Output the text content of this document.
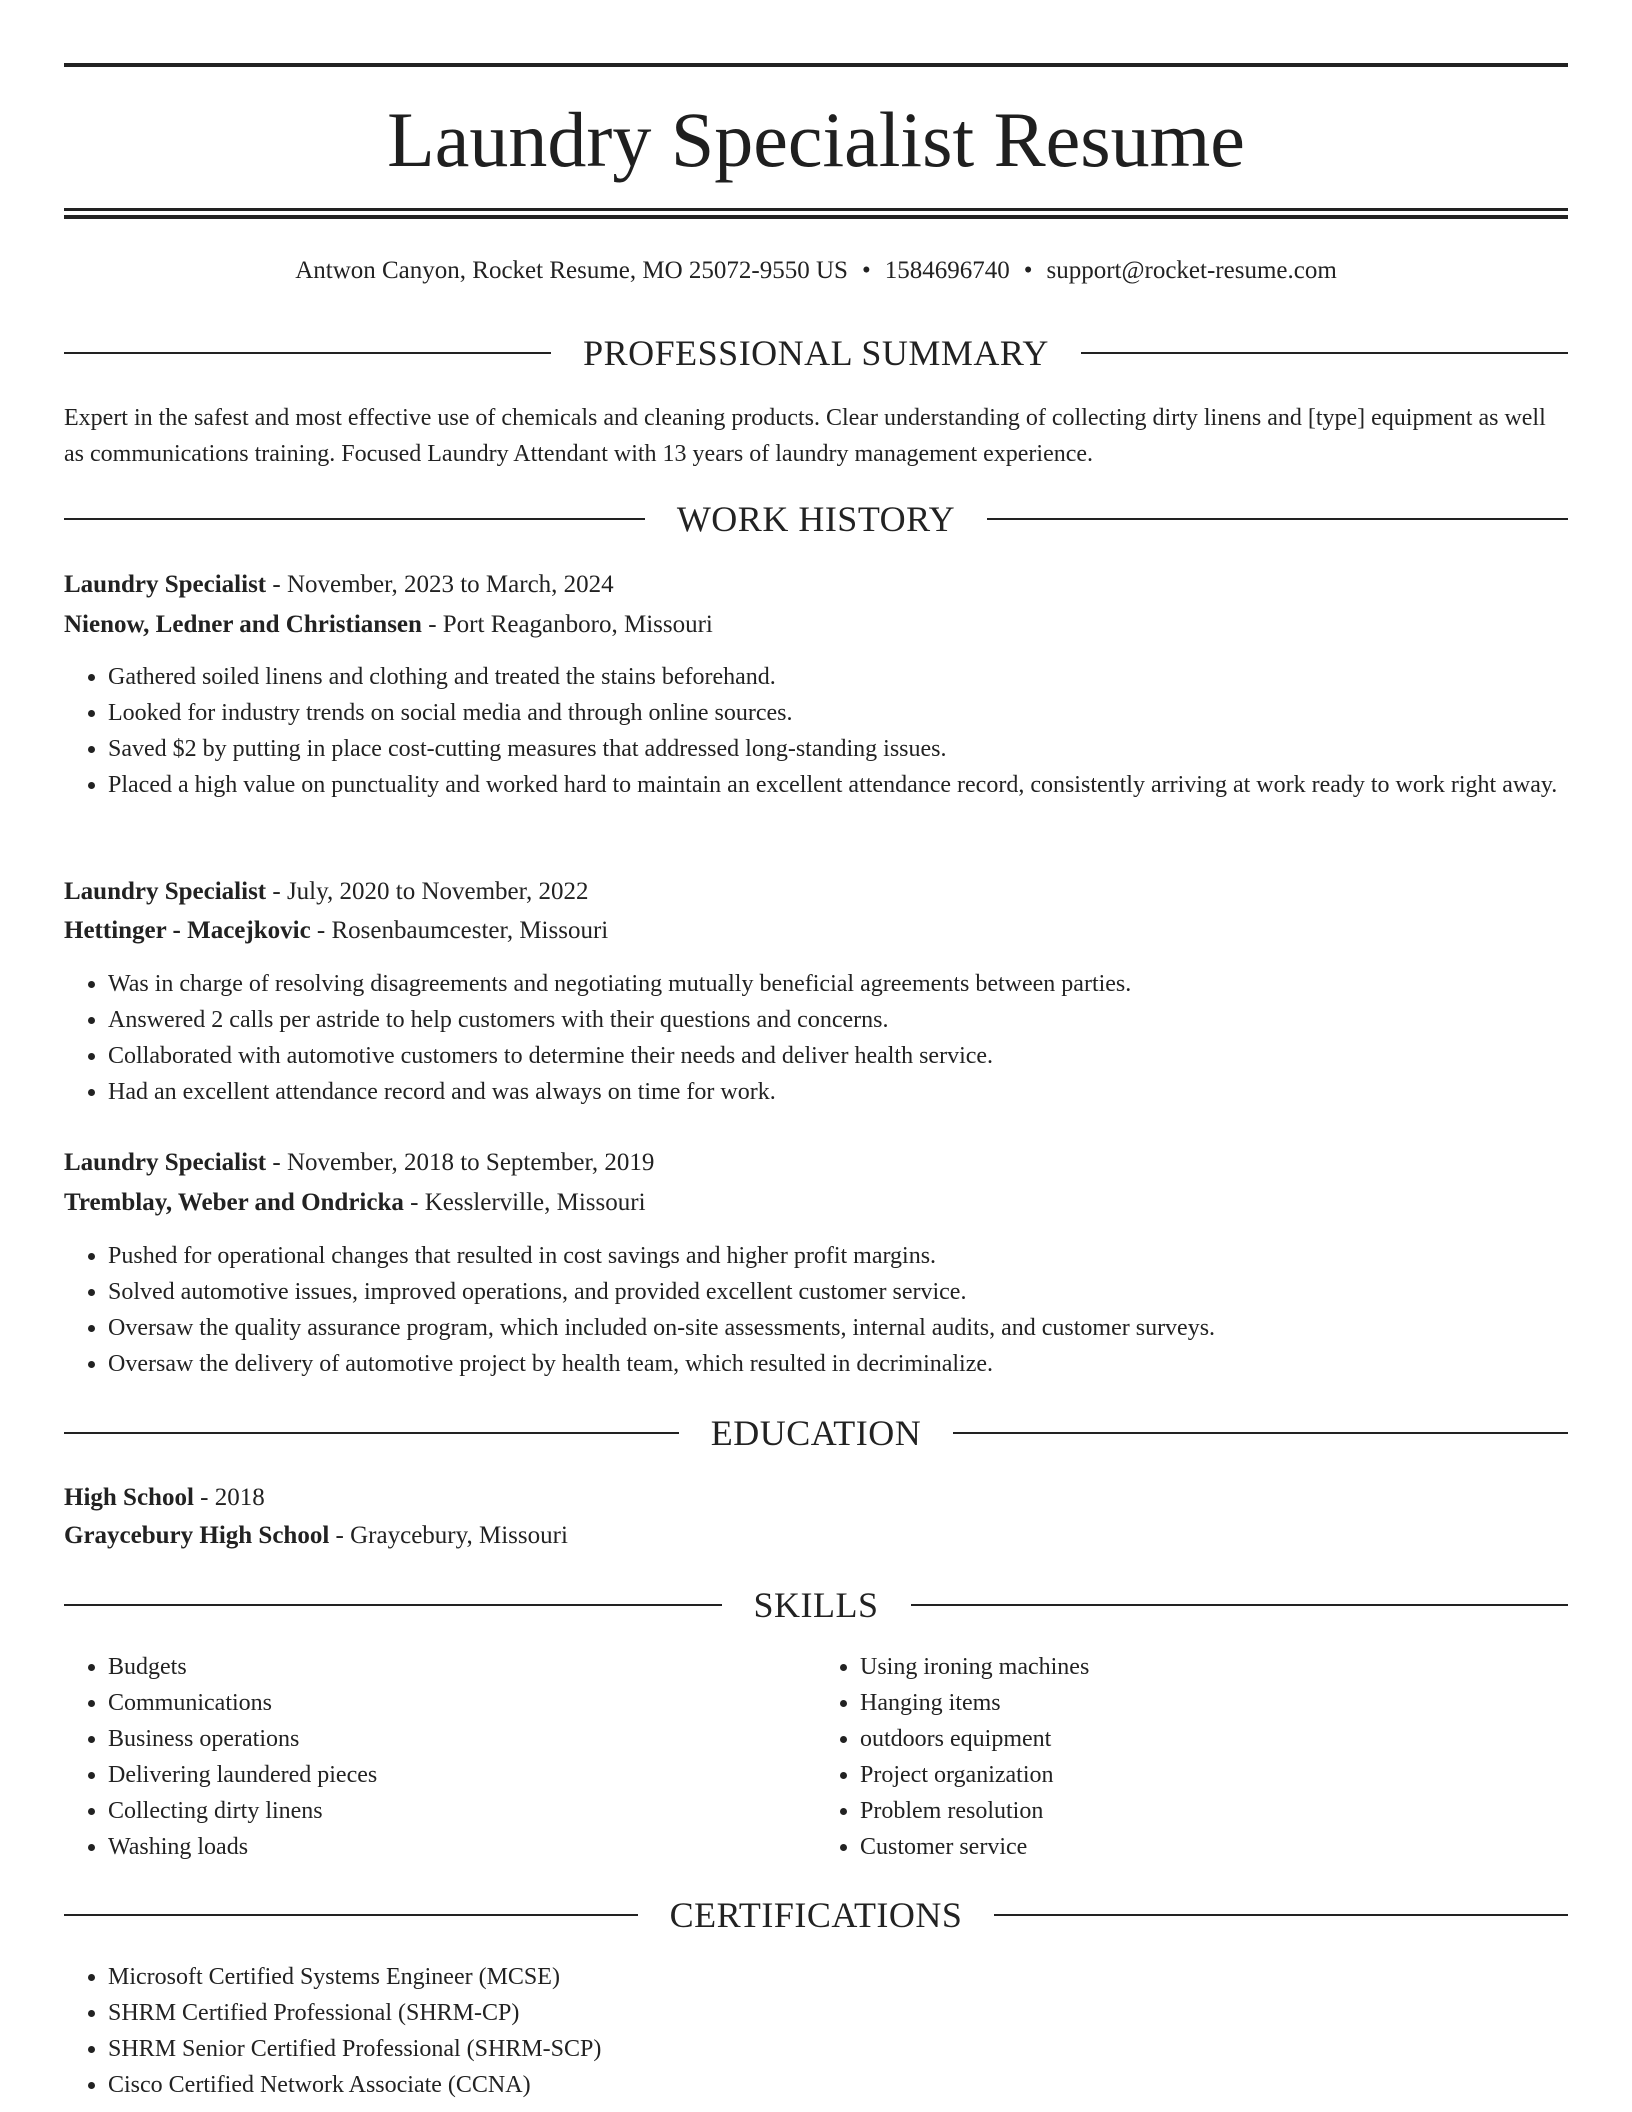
Laundry Specialist Resume
Antwon Canyon, Rocket Resume, MO 25072-9550 US • 1584696740 • support@rocket-resume.com
PROFESSIONAL SUMMARY

Expert in the safest and most effective use of chemicals and cleaning products. Clear understanding of collecting dirty linens and [type] equipment as well as communications training. Focused Laundry Attendant with 13 years of laundry management experience.

WORK HISTORY
Laundry Specialist - November, 2023 to March, 2024
Nienow, Ledner and Christiansen - Port Reaganboro, Missouri
• Gathered soiled linens and clothing and treated the stains beforehand.
• Looked for industry trends on social media and through online sources.
• Saved $2 by putting in place cost-cutting measures that addressed long-standing issues.
• Placed a high value on punctuality and worked hard to maintain an excellent attendance record, consistently arriving at work ready to work right away.
Laundry Specialist - July, 2020 to November, 2022
Hettinger - Macejkovic - Rosenbaumcester, Missouri
• Was in charge of resolving disagreements and negotiating mutually beneficial agreements between parties.
• Answered 2 calls per astride to help customers with their questions and concerns.
• Collaborated with automotive customers to determine their needs and deliver health service.
• Had an excellent attendance record and was always on time for work.
Laundry Specialist - November, 2018 to September, 2019
Tremblay, Weber and Ondricka - Kesslerville, Missouri
• Pushed for operational changes that resulted in cost savings and higher profit margins.
• Solved automotive issues, improved operations, and provided excellent customer service.
• Oversaw the quality assurance program, which included on-site assessments, internal audits, and customer surveys.
• Oversaw the delivery of automotive project by health team, which resulted in decriminalize.
EDUCATION
High School - 2018
Graycebury High School - Graycebury, Missouri
SKILLS
• Budgets
• Communications
• Business operations
• Delivering laundered pieces
• Collecting dirty linens
• Washing loads
• Using ironing machines
• Hanging items
• outdoors equipment
• Project organization
• Problem resolution
• Customer service
CERTIFICATIONS
• Microsoft Certified Systems Engineer (MCSE)
• SHRM Certified Professional (SHRM-CP)
• SHRM Senior Certified Professional (SHRM-SCP)
• Cisco Certified Network Associate (CCNA)
